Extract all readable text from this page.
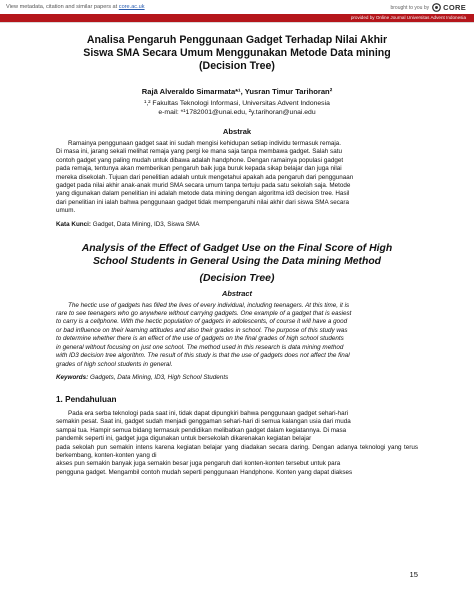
View metadata, citation and similar papers at core.ac.uk	brought to you by CORE
provided by Online Journal Universitas Advent Indonesia
Analisa Pengaruh Penggunaan Gadget Terhadap Nilai Akhir
Siswa SMA Secara Umum Menggunakan Metode Data mining
(Decision Tree)
Rajā Alveraldo Simarmata*¹, Yusran Timur Tarihoran²
¹,² Fakultas Teknologi Informasi, Universitas Advent Indonesia
e-mail: *¹1782001@unai.edu, ²y.tarihoran@unai.edu
Abstrak
Ramainya penggunaan gadget saat ini sudah mengisi kehidupan setiap individu termasuk remaja.
Di masa ini, jarang sekali melihat remaja yang pergi ke mana saja tanpa membawa gadget. Salah satu
contoh gadget yang paling mudah untuk dibawa adalah handphone. Dengan ramainya populasi gadget
pada remaja, tentunya akan memberikan pengaruh baik juga buruk kepada sikap belajar dan juga nilai
mereka disekolah. Tujuan dari penelitian adalah untuk mengetahui apakah ada pengaruh dari penggunaan
gadget pada nilai akhir anak-anak murid SMA secara umum tanpa tertuju pada satu sekolah saja. Metode
yang digunakan dalam penelitian ini adalah metode data mining dengan algoritma id3 decision tree. Hasil
dari penelitian ini ialah bahwa penggunaan gadget tidak mempengaruhi nilai akhir dari siswa SMA secara
umum.
Kata Kunci: Gadget, Data Mining, ID3, Siswa SMA
Analysis of the Effect of Gadget Use on the Final Score of High
School Students in General Using the Data mining Method
(Decision Tree)
Abstract
The hectic use of gadgets has filled the lives of every individual, including teenagers. At this time, it is
rare to see teenagers who go anywhere without carrying gadgets. One example of a gadget that is easiest
to carry is a cellphone. With the hectic population of gadgets in adolescents, of course it will have a good
or bad influence on their learning attitudes and also their grades in school. The purpose of this study was
to determine whether there is an effect of the use of gadgets on the final grades of high school students
in general without focusing on just one school. The method used in this research is data mining method
with ID3 decision tree algorithm. The result of this study is that the use of gadgets does not affect the final
grades of high school students in general.
Keywords: Gadgets, Data Mining, ID3, High School Students
1. Pendahuluan
Pada era serba teknologi pada saat ini, tidak dapat dipungkiri bahwa penggunaan gadget sehari-hari
semakin pesat. Saat ini, gadget sudah menjadi genggaman sehari-hari di semua kalangan usia dari muda
sampai tua. Hampir semua bidang termasuk pendidikan melibatkan gadget dalam kegiatannya. Di masa
pandemik seperti ini, gadget juga digunakan untuk bersekolah dikarenakan kegiatan belajar
pada sekolah pun semakin intens karena kegiatan belajar yang diadakan secara daring. Dengan adanya teknologi yang terus berkembang, konten-konten yang di
akses pun semakin banyak juga semakin besar juga pengaruh dari konten-konten tersebut untuk para
pengguna gadget. Mengambil contoh mudah seperti penggunaan Handphone. Konten yang dapat diakses
15
